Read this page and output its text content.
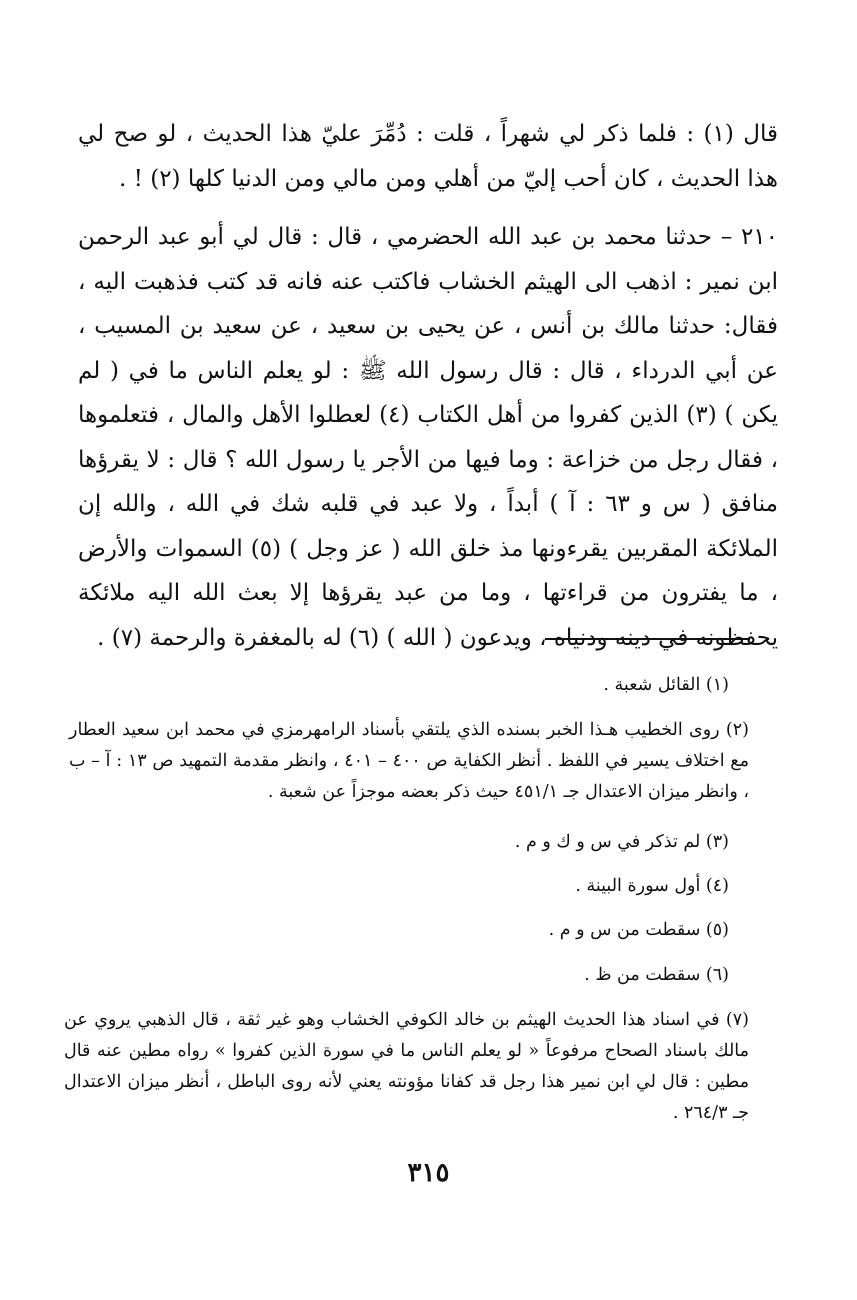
قال (١) : فلما ذكر لي شهراً ، قلت : دُمِّرَ عليّ هذا الحديث ، لو صح لي هذا الحديث ، كان أحب إليّ من أهلي ومن مالي ومن الدنيا كلها (٢) ! .

٢١٠ – حدثنا محمد بن عبد الله الحضرمي ، قال : قال لي أبو عبد الرحمن ابن نمير : اذهب الى الهيثم الخشاب فاكتب عنه فانه قد كتب فذهبت اليه ، فقال: حدثنا مالك بن أنس ، عن يحيى بن سعيد ، عن سعيد بن المسيب ، عن أبي الدرداء ، قال : قال رسول الله ﷺ : لو يعلم الناس ما في ( لم يكن ) (٣) الذين كفروا من أهل الكتاب (٤) لعطلوا الأهل والمال ، فتعلموها ، فقال رجل من خزاعة : وما فيها من الأجر يا رسول الله ؟ قال : لا يقرؤها منافق ( س و ٦٣ : آ ) أبداً ، ولا عبد في قلبه شك في الله ، والله إن الملائكة المقربين يقرءونها مذ خلق الله ( عز وجل ) (٥) السموات والأرض ، ما يفترون من قراءتها ، وما من عبد يقرؤها إلا بعث الله اليه ملائكة يحفظونه في دينه ودنياه ، ويدعون ( الله ) (٦) له بالمغفرة والرحمة (٧) .

(١) القائل شعبة .

(٢) روى الخطيب هـذا الخبر بسنده الذي يلتقي بأسناد الرامهرمزي في محمد ابن سعيد العطار مع اختلاف يسير في اللفظ . أنظر الكفاية ص ٤٠٠ – ٤٠١ ، وانظر مقدمة التمهيد ص ١٣ : آ – ب ، وانظر ميزان الاعتدال جـ ٤٥١/١ حيث ذكر بعضه موجزاً عن شعبة .

(٣) لم تذكر في س و ك و م .

(٤) أول سورة البينة .

(٥) سقطت من س و م .

(٦) سقطت من ظ .

(٧) في اسناد هذا الحديث الهيثم بن خالد الكوفي الخشاب وهو غير ثقة ، قال الذهبي يروي عن مالك باسناد الصحاح مرفوعاً « لو يعلم الناس ما في سورة الذين كفروا » رواه مطين عنه قال مطين : قال لي ابن نمير هذا رجل قد كفانا مؤونته يعني لأنه روى الباطل ، أنظر ميزان الاعتدال جـ ٢٦٤/٣ .

٣١٥
